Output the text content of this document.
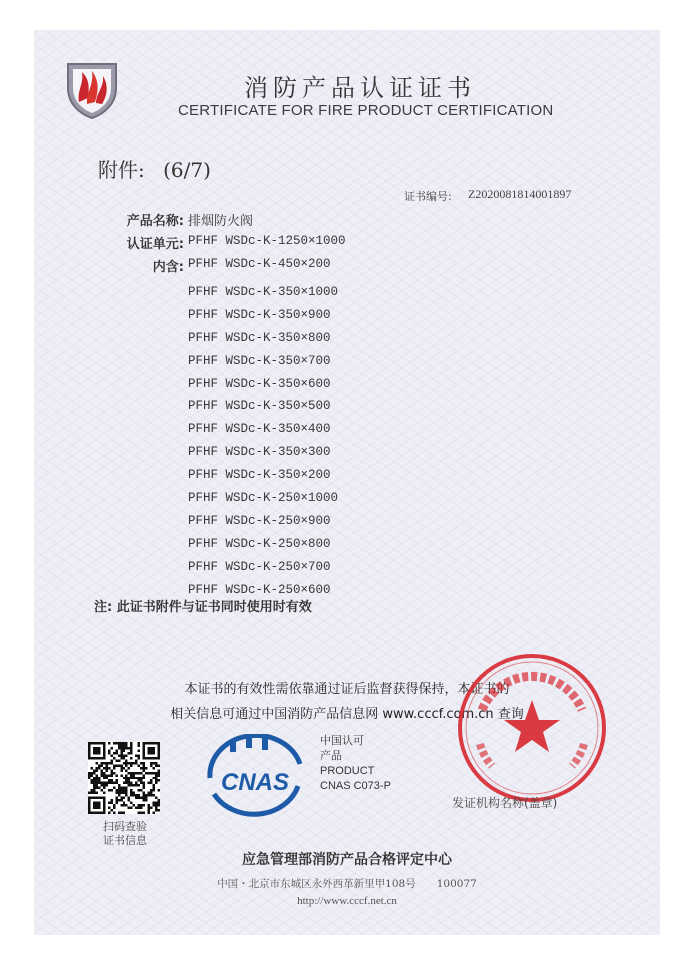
消防产品认证证书
CERTIFICATE FOR FIRE PRODUCT CERTIFICATION
附件: (6/7)
证书编号: Z2020081814001897
产品名称: 排烟防火阀
认证单元: PFHF WSDc-K-1250×1000
内含: PFHF WSDc-K-450×200
PFHF WSDc-K-350×1000
PFHF WSDc-K-350×900
PFHF WSDc-K-350×800
PFHF WSDc-K-350×700
PFHF WSDc-K-350×600
PFHF WSDc-K-350×500
PFHF WSDc-K-350×400
PFHF WSDc-K-350×300
PFHF WSDc-K-350×200
PFHF WSDc-K-250×1000
PFHF WSDc-K-250×900
PFHF WSDc-K-250×800
PFHF WSDc-K-250×700
PFHF WSDc-K-250×600
注: 此证书附件与证书同时使用时有效
本证书的有效性需依靠通过证后监督获得保持，本证书的
相关信息可通过中国消防产品信息网 www.cccf.com.cn 查询
扫码查验
证书信息
CNAS
中国认可
产品
PRODUCT
CNAS C073-P
发证机构名称(盖章)
应急管理部消防产品合格评定中心
中国・北京市东城区永外西革新里甲108号　　100077
http://www.cccf.net.cn
